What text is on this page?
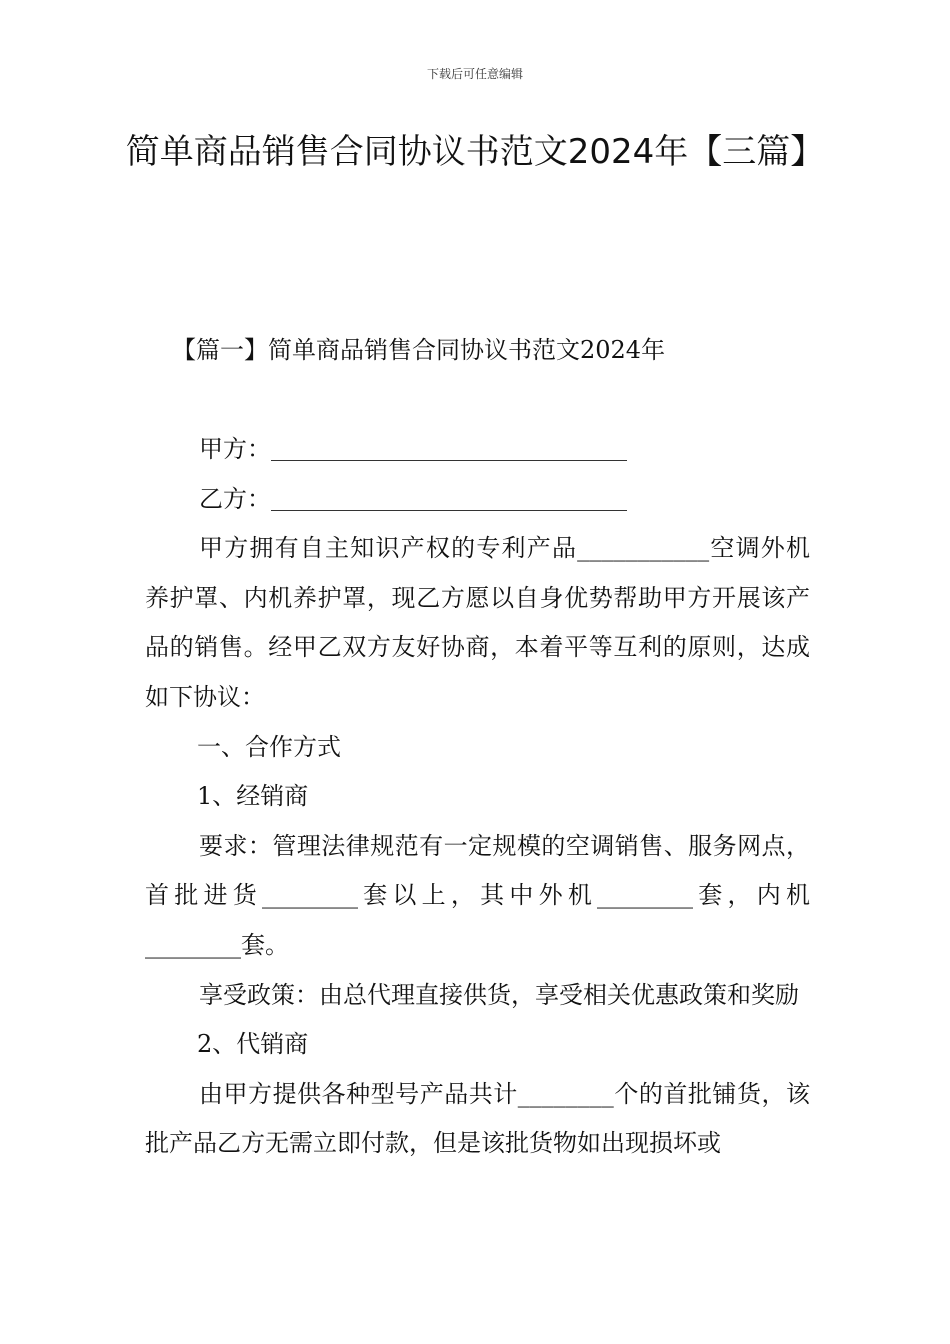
下载后可任意编辑
简单商品销售合同协议书范文2024年【三篇】
【篇一】简单商品销售合同协议书范文2024年

甲方：

乙方：

甲方拥有自主知识产权的专利产品___________空调外机养护罩、内机养护罩，现乙方愿以自身优势帮助甲方开展该产品的销售。经甲乙双方友好协商，本着平等互利的原则，达成如下协议：

一、合作方式

1、经销商

要求：管理法律规范有一定规模的空调销售、服务网点，首批进货________套以上，其中外机________套，内机________套。

享受政策：由总代理直接供货，享受相关优惠政策和奖励

2、代销商

由甲方提供各种型号产品共计________个的首批铺货，该批产品乙方无需立即付款，但是该批货物如出现损坏或
